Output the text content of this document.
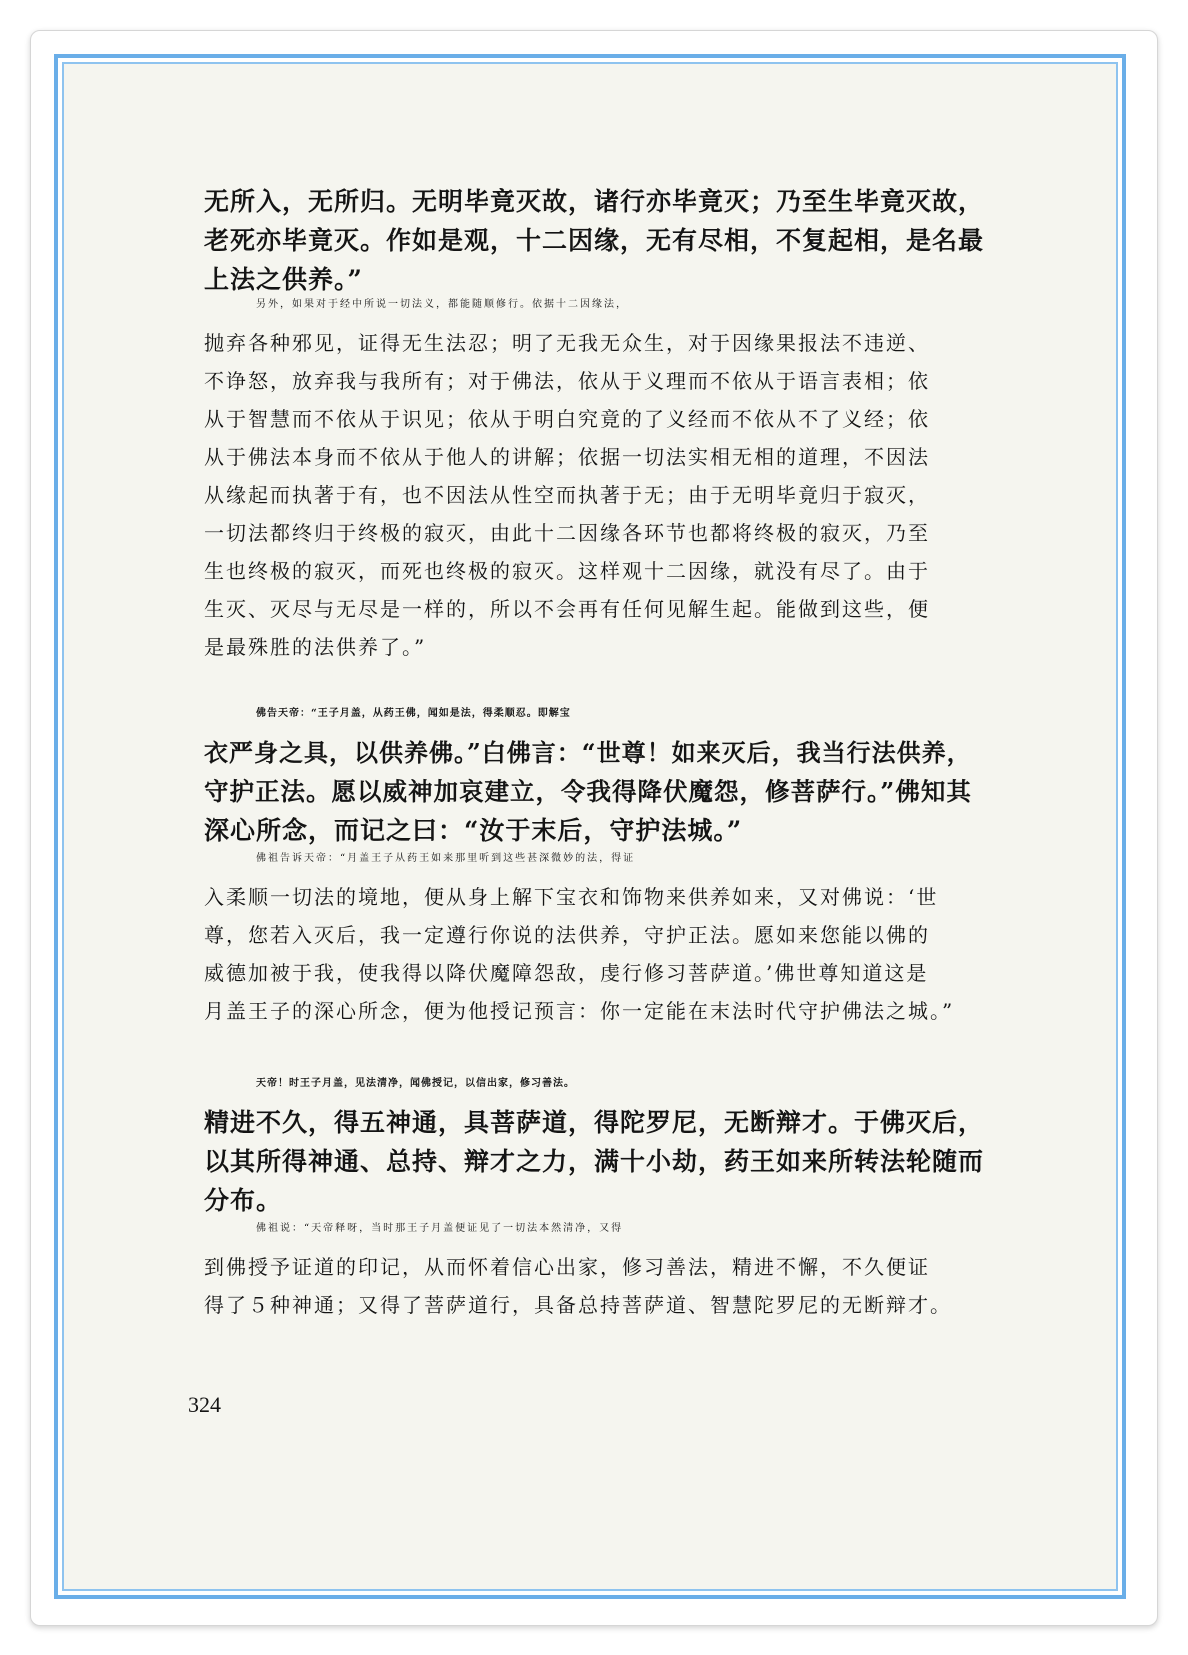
无所入，无所归。无明毕竟灭故，诸行亦毕竟灭；乃至生毕竟灭故，
老死亦毕竟灭。作如是观，十二因缘，无有尽相，不复起相，是名最
上法之供养。”
另外，如果对于经中所说一切法义，都能随顺修行。依据十二因缘法，
抛弃各种邪见，证得无生法忍；明了无我无众生，对于因缘果报法不违逆、
不诤怒，放弃我与我所有；对于佛法，依从于义理而不依从于语言表相；依
从于智慧而不依从于识见；依从于明白究竟的了义经而不依从不了义经；依
从于佛法本身而不依从于他人的讲解；依据一切法实相无相的道理，不因法
从缘起而执著于有，也不因法从性空而执著于无；由于无明毕竟归于寂灭，
一切法都终归于终极的寂灭，由此十二因缘各环节也都将终极的寂灭，乃至
生也终极的寂灭，而死也终极的寂灭。这样观十二因缘，就没有尽了。由于
生灭、灭尽与无尽是一样的，所以不会再有任何见解生起。能做到这些，便
是最殊胜的法供养了。”
佛告天帝：“王子月盖，从药王佛，闻如是法，得柔顺忍。即解宝
衣严身之具，以供养佛。”白佛言：“世尊！如来灭后，我当行法供养，
守护正法。愿以威神加哀建立，令我得降伏魔怨，修菩萨行。”佛知其
深心所念，而记之曰：“汝于末后，守护法城。”
佛祖告诉天帝：“月盖王子从药王如来那里听到这些甚深微妙的法，得证
入柔顺一切法的境地，便从身上解下宝衣和饰物来供养如来，又对佛说：‘世
尊，您若入灭后，我一定遵行你说的法供养，守护正法。愿如来您能以佛的
威德加被于我，使我得以降伏魔障怨敌，虔行修习菩萨道。’佛世尊知道这是
月盖王子的深心所念，便为他授记预言：你一定能在末法时代守护佛法之城。”
天帝！时王子月盖，见法清净，闻佛授记，以信出家，修习善法。
精进不久，得五神通，具菩萨道，得陀罗尼，无断辩才。于佛灭后，
以其所得神通、总持、辩才之力，满十小劫，药王如来所转法轮随而
分布。
佛祖说：“天帝释呀，当时那王子月盖便证见了一切法本然清净，又得
到佛授予证道的印记，从而怀着信心出家，修习善法，精进不懈，不久便证
得了５种神通；又得了菩萨道行，具备总持菩萨道、智慧陀罗尼的无断辩才。
324
